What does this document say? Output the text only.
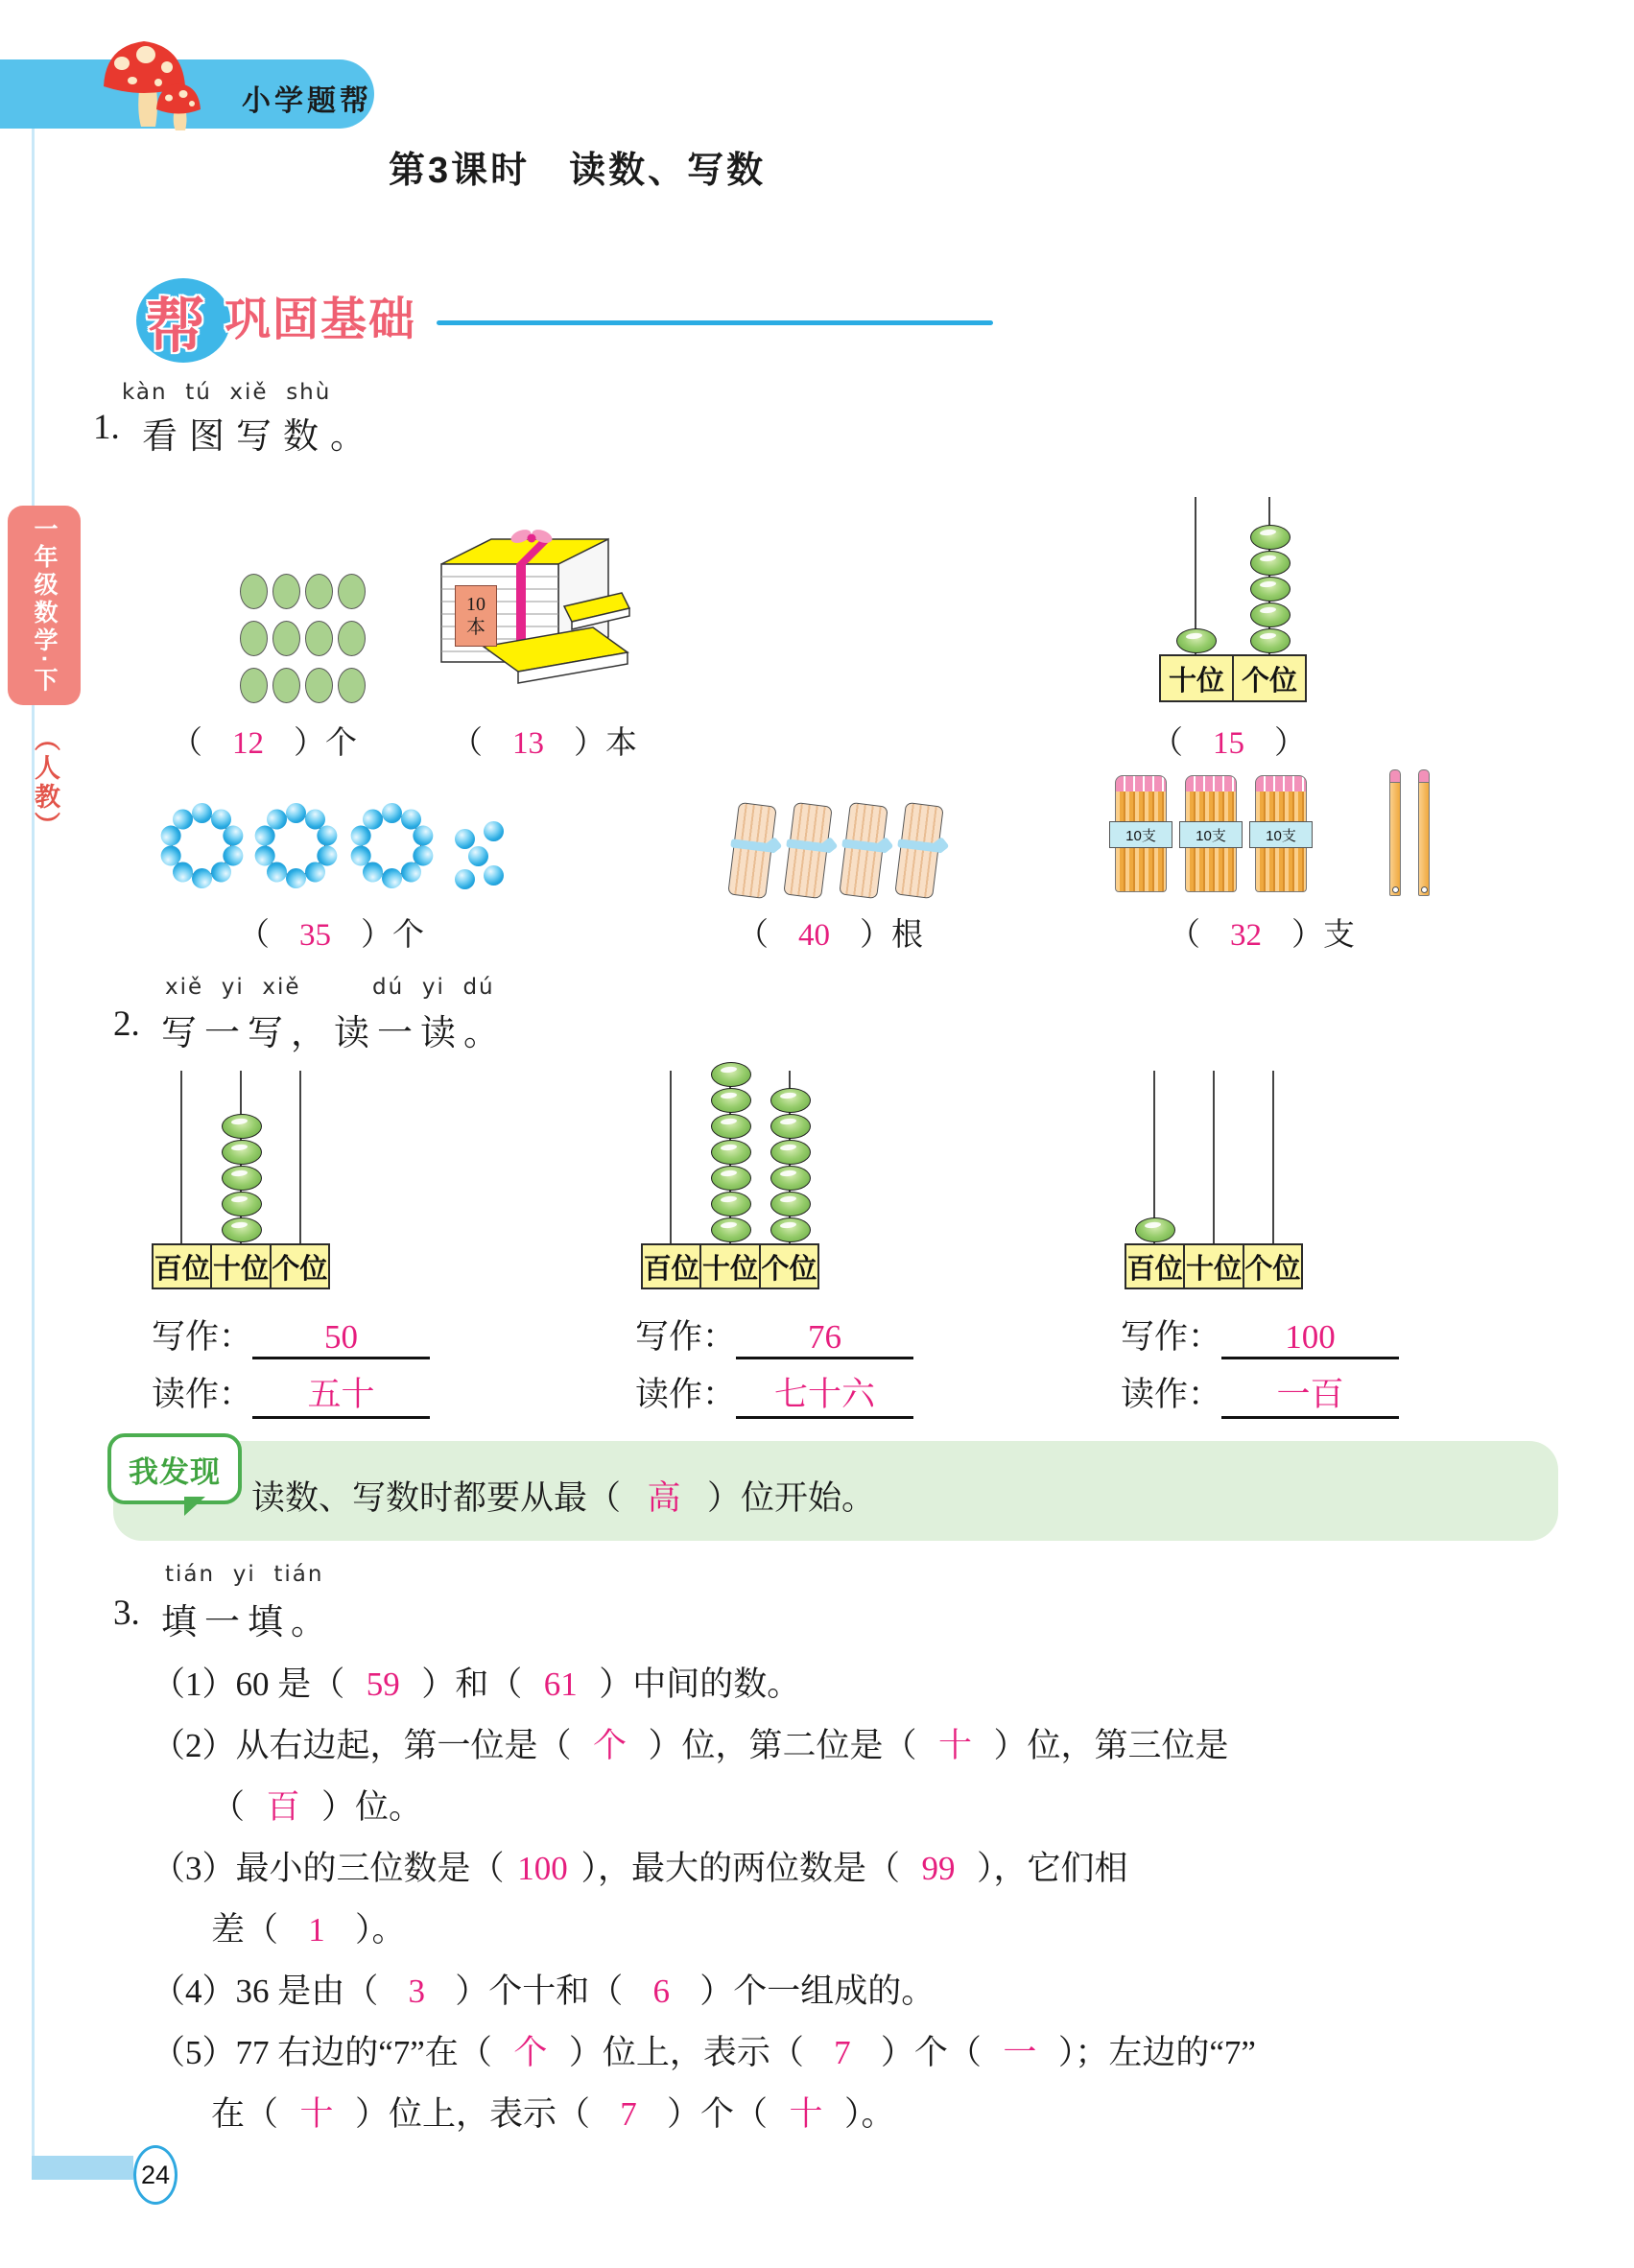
小学题帮
第3课时　读数、写数
帮 巩固基础
一年级数学·下
（人教）
kàn  tú  xiě  shù
1. 看图写数。
10 本
十位 个位
（ 12 ）个	（ 13 ）本	（ 15 ）
10支	10支	10支
（ 35 ）个	（ 40 ）根	（ 32 ）支
xiě  yi  xiě        dú  yi  dú
2. 写一写，读一读。
百位 十位 个位	百位 十位 个位	百位 十位 个位
写作： 50
读作： 五十
写作： 76
读作： 七十六
写作： 100
读作： 一百
我发现
读数、写数时都要从最（ 高 ）位开始。
tián  yi  tián
3. 填一填。
（1）60 是（ 59 ）和（ 61 ）中间的数。
（2）从右边起，第一位是（ 个 ）位，第二位是（ 十 ）位，第三位是
（ 百 ）位。
（3）最小的三位数是（ 100 ），最大的两位数是（ 99 ），它们相
差（ 1 ）。
（4）36 是由（ 3 ）个十和（ 6 ）个一组成的。
（5）77 右边的“7”在（ 个 ）位上，表示（ 7 ）个（ 一 ）；左边的“7”
在（ 十 ）位上，表示（ 7 ）个（ 十 ）。
24
